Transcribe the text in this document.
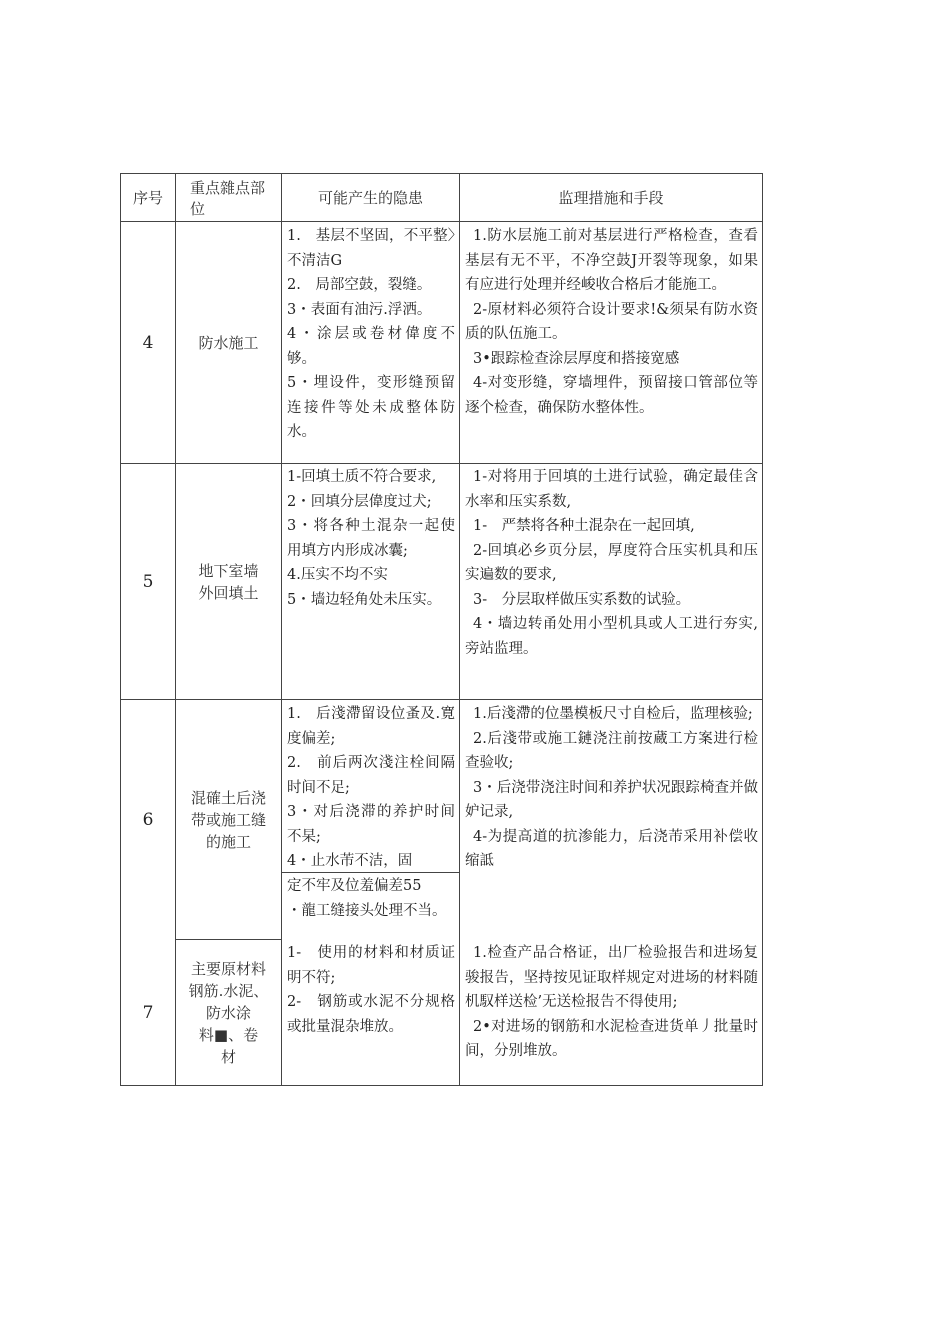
序号
重点雜点部
位
可能产生的隐患	监理措施和手段
4	防水施工
1.　基层不坚固，不平整〉不清洁G
2.　局部空鼓，裂缝。
3・表面有油污.浮洒。
4・涂层或卷材偉度不够。
5・埋设件，变形缝预留连接件等处未成整体防水。
1.防水层施工前对基层进行严格检查，查看基层有无不平，不净空鼓J开裂等现象，如果有应进行处理并经峻收合格后才能施工。
2-原材料必须符合设计要求!&须杲有防水资质的队伍施工。
3•跟踪检查涂层厚度和搭接宽感
4-对变形缝，穿墙埋件，预留接口管部位等逐个检查，确保防水整体性。
5
地下室墙
外回填土
1-回填土质不符合要求,
2・回填分层偉度过犬;
3・将各种土混杂一起使用填方内形成冰囊;
4.压实不均不实
5・墙边轻角处未压实。
1-对将用于回填的土进行试验，确定最佳含水率和压实系数,
1-　严禁将各种土混杂在一起回填,
2-回填必乡页分层，厚度符合压实机具和压实遍数的要求,
3-　分层取样做压实系数的试验。
4・墙边转甬处用小型机具或人工进行夯实,旁站监理。
6
混確土后浇
带或施工缝
的施工
1.　后淺滯留设位蚤及.寛度偏差;
2.　前后两次淺注栓间隔时间不足;
3・对后浇滞的养护时间不杲;
4・止水芾不洁，固
定不牢及位羞偏差55
・龍工缝接头处理不当。
1.后淺滯的位墨模板尺寸自检后，监理核验;
2.后淺带或施工鏈浇注前按蔵工方案进行检查验收;
3・后浇带浇注时间和养护状况跟踪椅査并做妒记录,
4-为提高道的抗渗能力，后浇芾采用补偿收缩詆
7
主要原材料
钢筋.水泥、
防水涂
料■、卷
材
1-　使用的材料和材质证明不符;
2-　钢筋或水泥不分规格或批量混杂堆放。
1.检查产品合格证，出厂检验报告和进场复骏报告，坚持按见证取样规定对进场的材料随机馭样送检’无送检报告不得使用;
2•对进场的钢筋和水泥检查进货单丿批量时间，分别堆放。
